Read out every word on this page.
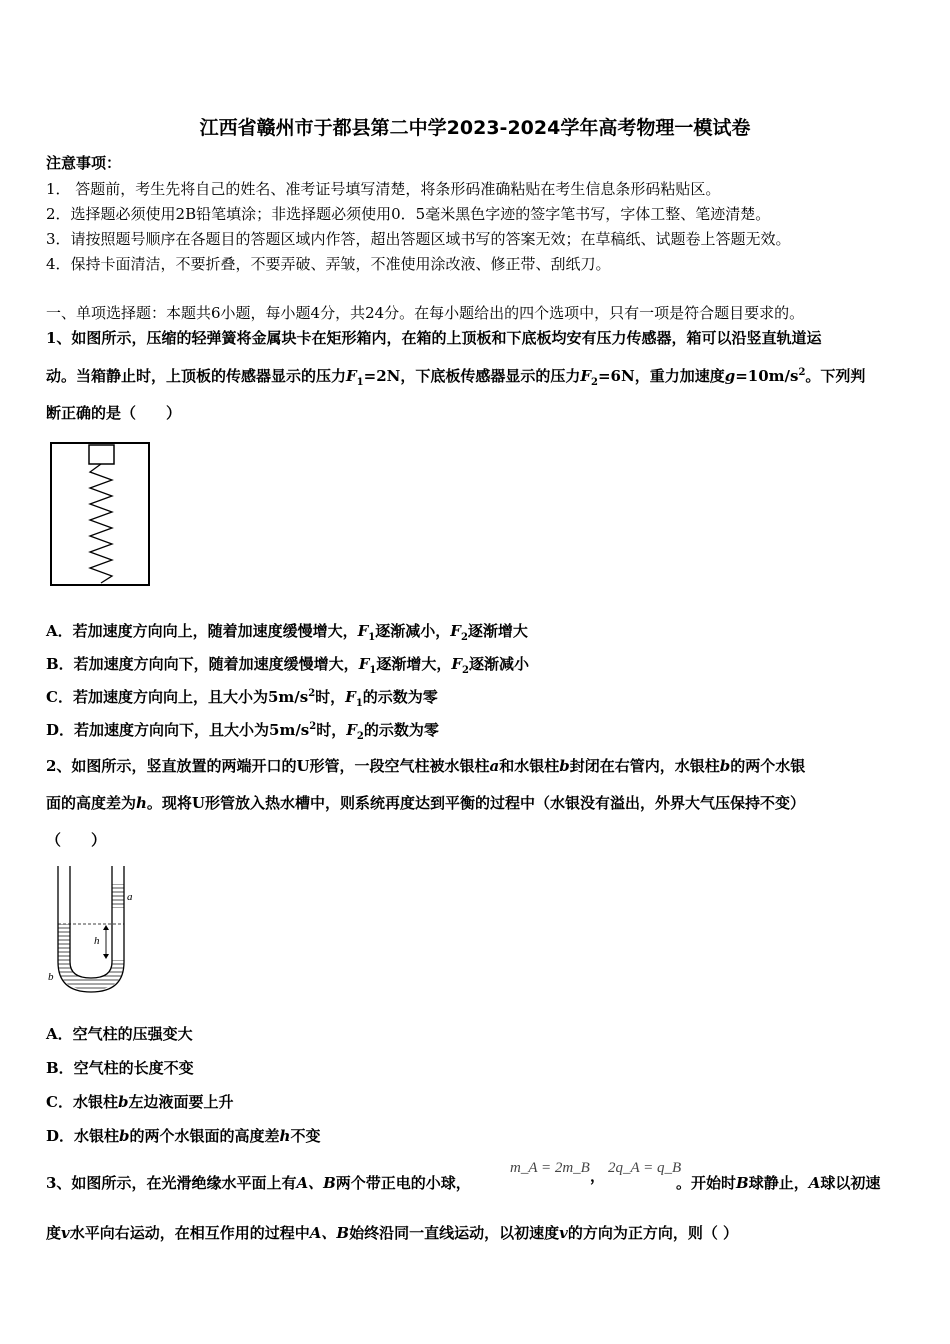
江西省赣州市于都县第二中学2023-2024学年高考物理一模试卷
注意事项：
1． 答题前，考生先将自己的姓名、准考证号填写清楚，将条形码准确粘贴在考生信息条形码粘贴区。
2．选择题必须使用2B铅笔填涂；非选择题必须使用0．5毫米黑色字迹的签字笔书写，字体工整、笔迹清楚。
3．请按照题号顺序在各题目的答题区域内作答，超出答题区域书写的答案无效；在草稿纸、试题卷上答题无效。
4．保持卡面清洁，不要折叠，不要弄破、弄皱，不准使用涂改液、修正带、刮纸刀。
一、单项选择题：本题共6小题，每小题4分，共24分。在每小题给出的四个选项中，只有一项是符合题目要求的。
1、如图所示，压缩的轻弹簧将金属块卡在矩形箱内，在箱的上顶板和下底板均安有压力传感器，箱可以沿竖直轨道运
动。当箱静止时，上顶板的传感器显示的压力$F_1=2N$，下底板传感器显示的压力$F_2=6N$，重力加速度$g=10m/s^2$。下列判
断正确的是（　　）
A．若加速度方向向上，随着加速度缓慢增大，$F_1$逐渐减小，$F_2$逐渐增大
B．若加速度方向向下，随着加速度缓慢增大，$F_1$逐渐增大，$F_2$逐渐减小
C．若加速度方向向上，且大小为$5m/s^2$时，$F_1$的示数为零
D．若加速度方向向下，且大小为$5m/s^2$时，$F_2$的示数为零
2、如图所示，竖直放置的两端开口的U形管，一段空气柱被水银柱a和水银柱b封闭在右管内，水银柱b的两个水银
面的高度差为h。现将U形管放入热水槽中，则系统再度达到平衡的过程中（水银没有溢出，外界大气压保持不变）
（　　）
h
a
b
A．空气柱的压强变大
B．空气柱的长度不变
C．水银柱b左边液面要上升
D．水银柱b的两个水银面的高度差h不变
3、如图所示，在光滑绝缘水平面上有A、B两个带正电的小球，
m_A = 2m_B ， 2q_A = q_B
。开始时B球静止，A球以初速
度v水平向右运动，在相互作用的过程中A、B始终沿同一直线运动，以初速度v的方向为正方向，则（ ）
